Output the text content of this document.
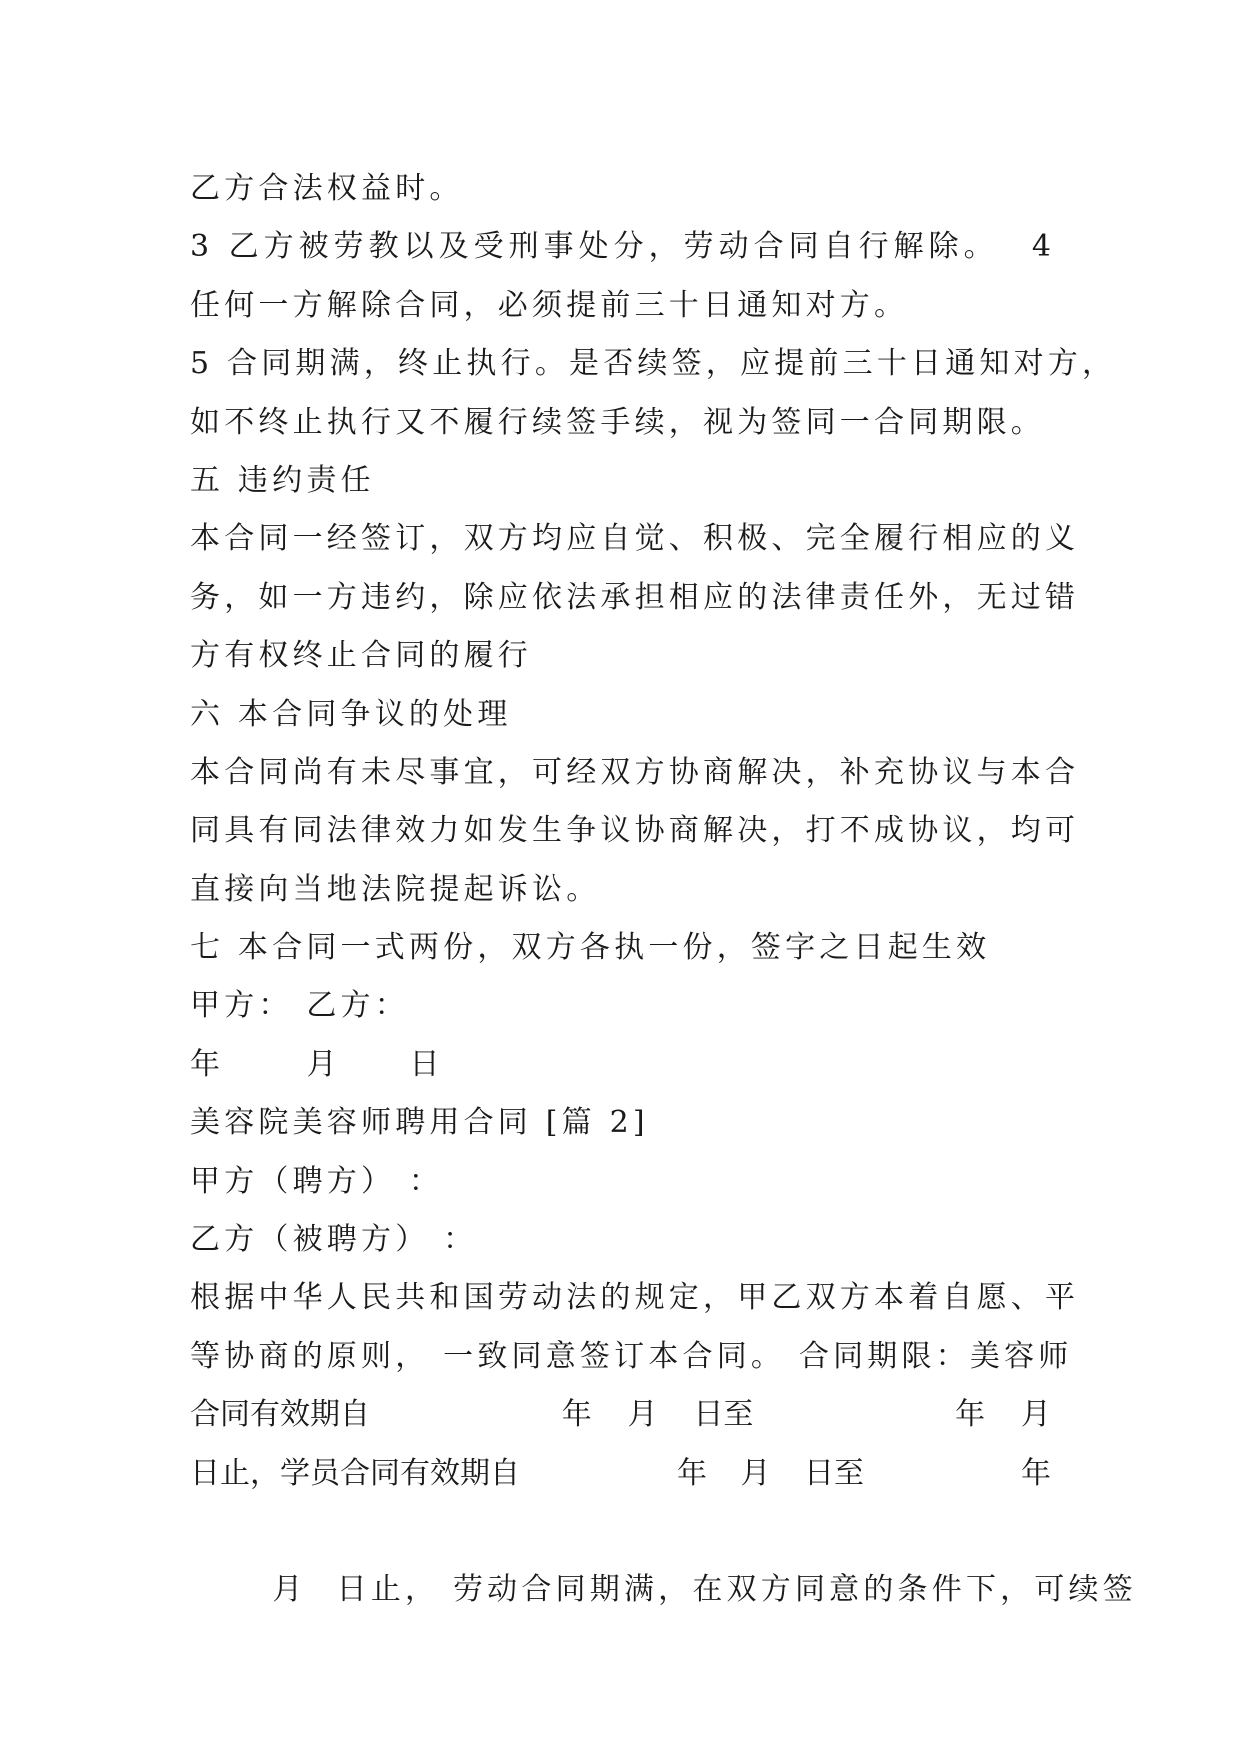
乙方合法权益时。
3 乙方被劳教以及受刑事处分，劳动合同自行解除。 4
任何一方解除合同，必须提前三十日通知对方。
5 合同期满，终止执行。是否续签，应提前三十日通知对方，
如不终止执行又不履行续签手续，视为签同一合同期限。
五 违约责任
本合同一经签订，双方均应自觉、积极、完全履行相应的义
务，如一方违约，除应依法承担相应的法律责任外，无过错
方有权终止合同的履行
六 本合同争议的处理
本合同尚有未尽事宜，可经双方协商解决，补充协议与本合
同具有同法律效力如发生争议协商解决，打不成协议，均可
直接向当地法院提起诉讼。
七 本合同一式两份，双方各执一份，签字之日起生效
甲方： 乙方：
年      月     日
美容院美容师聘用合同 [篇 2]
甲方（聘方） ：
乙方（被聘方） ：
根据中华人民共和国劳动法的规定，甲乙双方本着自愿、平
等协商的原则， 一致同意签订本合同。 合同期限：美容师
合同有效期自	年 月 日至	年 月
日止，学员合同有效期自	年 月 日至	年

月 日止， 劳动合同期满，在双方同意的条件下，可续签
